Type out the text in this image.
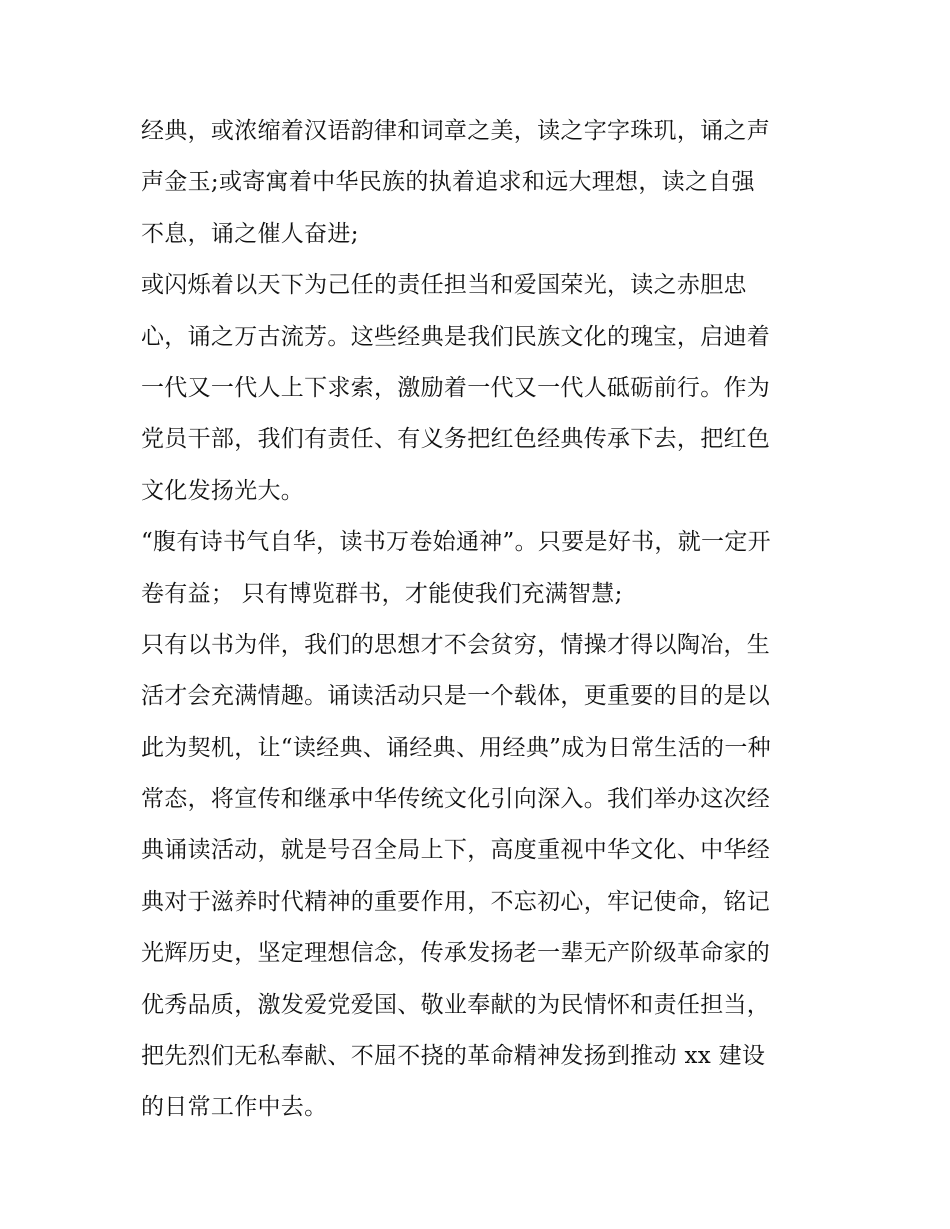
经典，或浓缩着汉语韵律和词章之美，读之字字珠玑，诵之声
声金玉;或寄寓着中华民族的执着追求和远大理想，读之自强
不息，诵之催人奋进;
或闪烁着以天下为己任的责任担当和爱国荣光，读之赤胆忠
心，诵之万古流芳。这些经典是我们民族文化的瑰宝，启迪着
一代又一代人上下求索，激励着一代又一代人砥砺前行。作为
党员干部，我们有责任、有义务把红色经典传承下去，把红色
文化发扬光大。
“腹有诗书气自华，读书万卷始通神”。只要是好书，就一定开
卷有益； 只有博览群书，才能使我们充满智慧;
只有以书为伴，我们的思想才不会贫穷，情操才得以陶冶，生
活才会充满情趣。诵读活动只是一个载体，更重要的目的是以
此为契机，让“读经典、诵经典、用经典”成为日常生活的一种
常态，将宣传和继承中华传统文化引向深入。我们举办这次经
典诵读活动，就是号召全局上下，高度重视中华文化、中华经
典对于滋养时代精神的重要作用，不忘初心，牢记使命，铭记
光辉历史，坚定理想信念，传承发扬老一辈无产阶级革命家的
优秀品质，激发爱党爱国、敬业奉献的为民情怀和责任担当，
把先烈们无私奉献、不屈不挠的革命精神发扬到推动 xx 建设
的日常工作中去。
